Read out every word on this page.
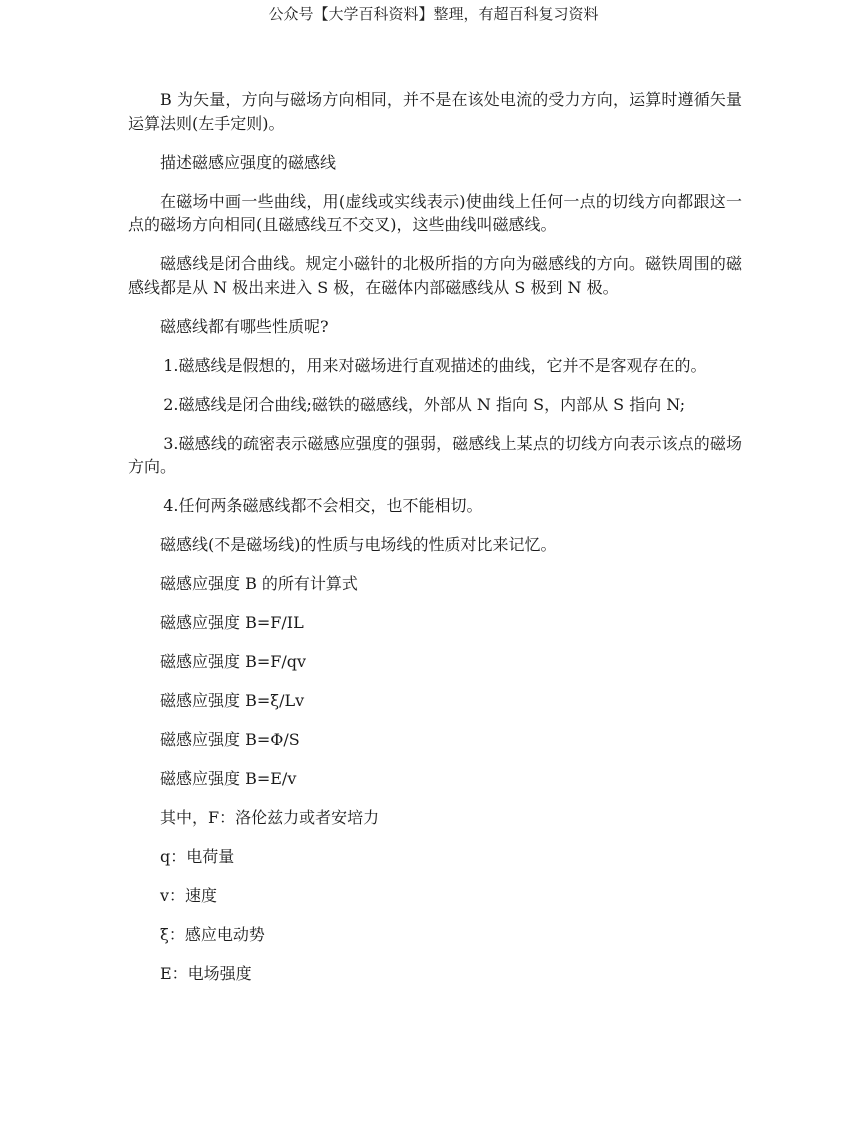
公众号【大学百科资料】整理，有超百科复习资料

B 为矢量，方向与磁场方向相同，并不是在该处电流的受力方向，运算时遵循矢量运算法则(左手定则)。

描述磁感应强度的磁感线

在磁场中画一些曲线，用(虚线或实线表示)使曲线上任何一点的切线方向都跟这一点的磁场方向相同(且磁感线互不交叉)，这些曲线叫磁感线。

磁感线是闭合曲线。规定小磁针的北极所指的方向为磁感线的方向。磁铁周围的磁感线都是从 N 极出来进入 S 极，在磁体内部磁感线从 S 极到 N 极。

磁感线都有哪些性质呢?

1.磁感线是假想的，用来对磁场进行直观描述的曲线，它并不是客观存在的。

2.磁感线是闭合曲线;磁铁的磁感线，外部从 N 指向 S，内部从 S 指向 N;

3.磁感线的疏密表示磁感应强度的强弱，磁感线上某点的切线方向表示该点的磁场方向。

4.任何两条磁感线都不会相交，也不能相切。

磁感线(不是磁场线)的性质与电场线的性质对比来记忆。

磁感应强度 B 的所有计算式

磁感应强度 B=F/IL

磁感应强度 B=F/qv

磁感应强度 B=ξ/Lv

磁感应强度 B=Φ/S

磁感应强度 B=E/v

其中，F：洛伦兹力或者安培力

q：电荷量

v：速度

ξ：感应电动势

E：电场强度
